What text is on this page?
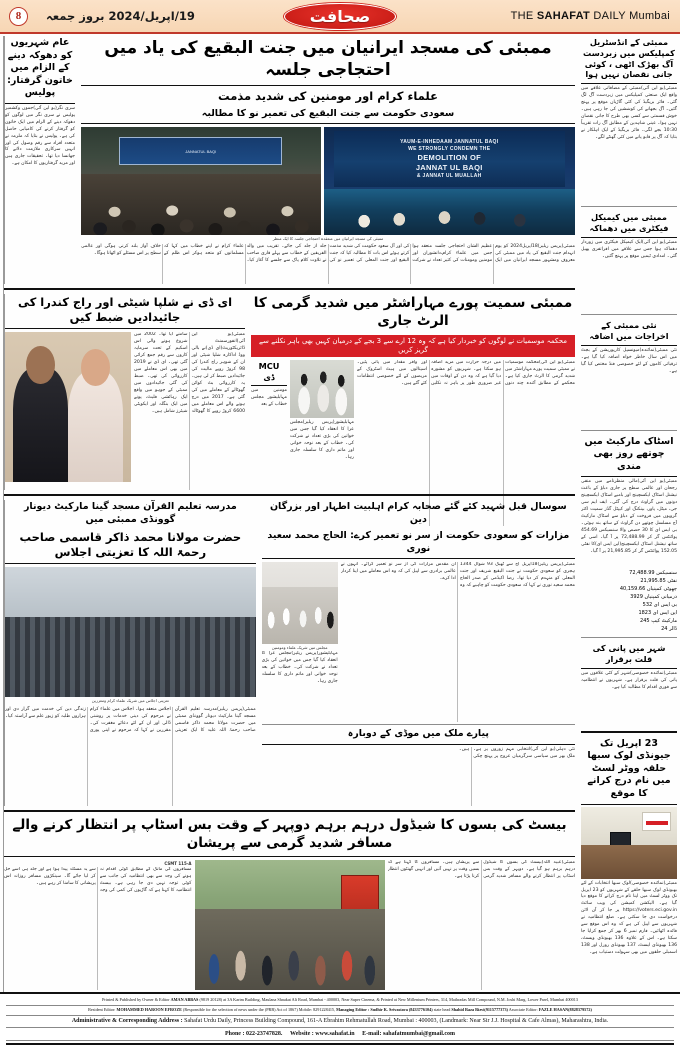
8	19/اپریل/2024 بروز جمعہ	صحافت	THE SAHAFAT DAILY Mumbai
ممبئی کے انڈسٹریل کمپلیکس میں زبردست آگ بھڑک اٹھی ، کوئی جانی نقصان نہیں ہوا
ممبئی(یو این آئی)ممبئی کے مضافاتی علاقے میں واقع ایک صنعتی کمپلیکس میں زبردست آگ لگ گئی۔ فائر بریگیڈ کی کئی گاڑیاں موقع پر پہنچ گئیں۔ آگ بجھانے کی کوششیں کی جا رہی ہیں۔ خوش قسمتی سے کسی بھی طرح کا جانی نقصان نہیں ہوا۔ عینی شاہدین کے مطابق آگ رات تقریباً 10:30 بجے لگی۔ فائر بریگیڈ کے ایک اہلکار نے بتایا کہ آگ پر قابو پانے میں کئی گھنٹے لگے۔
ممبئی میں کیمیکل فیکٹری میں دھماکہ
ممبئی(یو این آئی)ایک کیمیکل فیکٹری میں زوردار دھماکہ ہوا جس سے علاقے میں افراتفری پھیل گئی۔ امدادی ٹیمیں موقع پر پہنچ گئیں۔
نئی ممبئی کے اخراجات میں اضافہ
نئی ممبئی(نمائندہ)میونسپل کارپوریشن کے بجٹ میں اس سال خاطر خواہ اضافہ کیا گیا ہے۔ ترقیاتی کاموں کے لئے خصوصی فنڈ مختص کیا گیا ہے۔
اسٹاک مارکیٹ میں چوتھے روز بھی مندی
ممبئی(یو این آئی)مالی منظرنامے میں منفی رجحان اور عالمی سطح پر جاری دباؤ کے باعث نیشنل اسٹاک ایکسچینج اور بامبے اسٹاک ایکسچینج دونوں میں گراوٹ درج کی گئی۔ ایف ایم سی جی، میٹل، پاور، بینکنگ اور کیپٹل گڈز سمیت اکثر گروپوں میں فروخت کے دباؤ سے اسٹاک مارکیٹ آج مسلسل چوتھے دن گراوٹ کے ساتھ بند ہوئی۔ بی ایس ای کا 30 حصص والا سنسیکس 454.69 پوائنٹس گر کر 72,488.99 پر آ گیا۔ اسی کے ساتھ نیشنل اسٹاک ایکسچینج(این ایس ای)کا نفٹی 152.05 پوائنٹس گر کر 21,995.85 پر آ گیا۔
سنسیکس 72,488.99
نفٹی 21,995.85
چھوٹی کمپنیاں 40,159.66
درمیانی کمپنیاں 3929
بی ایس ای 532
این ایس ای 1823
مارکیٹ کیپ 245
ڈالر 24
شہر میں پانی کی قلت برقرار
ممبئی(نمائندہ خصوصی)شہر کے کئی علاقوں میں پانی کی قلت برقرار ہے۔ شہریوں نے انتظامیہ سے فوری اقدام کا مطالبہ کیا ہے۔
23 اپریل تک جیونڈی لوک سبھا حلقہ ووٹر لسٹ میں نام درج کرانے کا موقع
ممبئی(نمائندہ خصوصی)لوک سبھا انتخابات کے لئے بھیونڈی لوک سبھا حلقے کے شہریوں کو 23 اپریل تک ووٹر لسٹ میں اپنا نام درج کرانے کا موقع دیا گیا ہے۔ الیکشن کمیشن کی ویب سائٹ https://voters.eci.gov.in پر جا کر آن لائن درخواست دی جا سکتی ہے۔ ضلع انتظامیہ نے شہریوں سے اپیل کی ہے کہ وہ اس موقع سے فائدہ اٹھائیں۔ فارم نمبر 6 بھر کر جمع کرایا جا سکتا ہے۔ اس کے علاوہ 136 بھیونڈی ویسٹ، 136 بھیونڈی ایسٹ، 137 بھیونڈی رورل اور 138 اسمبلی حلقوں میں بھی سہولت دستیاب ہے۔
ممبئی کی مسجد ایرانیان میں جنت البقیع کی یاد میں احتجاجی جلسہ
علماء کرام اور مومنین کی شدید مذمت
سعودی حکومت سے جنت البقیع کی تعمیر نو کا مطالبہ
YAUM-E-INHEDAAM JANNATUL BAQI
WE STRONGLY CONDEMN THE
DEMOLITION OF
JANNAT UL BAQI
& JANNAT UL MUALLAH
JANNATUL BAQI
ممبئی کی مسجد ایرانیان میں منعقدہ احتجاجی جلسہ کا ایک منظر
ممبئی(پریس ریلیز)18اپریل2024 کو یوم انہدام جنت البقیع کی یاد میں ممبئی کی معروف ومشہور مسجد ایرانیان میں ایک عظیم الشان احتجاجی جلسہ منعقد ہوا جس میں علماء کرام،دانشوران اور مومنین ومومنات کی کثیر تعداد نے شرکت کی اور آل سعود حکومت کی شدید مذمت کرتے ہوئے اس بات کا مطالبہ کیا کہ جنت البقیع اور جنت المعلی کی تعمیر نو کی جلد از جلد کی جائے۔ تقریب میں والد الفریقین کے خطاب سے پہلے قاری صاحب نے تلاوت کلام پاک سے جلسے کا آغاز کیا۔ علماء کرام نے اپنے خطاب میں کہا کہ مسلمانوں کو متحد ہوکر اس ظلم کے خلاف آواز بلند کرنی ہوگی اور عالمی سطح پر اس مسئلے کو اٹھانا ہوگا۔
عام شہریوں کو دھوکہ دینے کے الزام میں خاتون گرفتار: پولیس
سری نگر(یو این آئی)جموں وکشمیر پولیس نے سری نگر میں لوگوں کو دھوکہ دینے کے الزام میں ایک خاتون کو گرفتار کرنے کی کامیابی حاصل کی ہے۔ پولیس نے بتایا کہ ملزمہ نے متعدد افراد سے رقم وصول کی اور انہیں سرکاری ملازمت دلانے کا جھانسا دیا تھا۔ تحقیقات جاری ہیں اور مزید گرفتاریوں کا امکان ہے۔
ممبئی سمیت پورے مہاراشٹر میں شدید گرمی کا الرٹ جاری
محکمہ موسمیات نے لوگوں کو خبردار کیا ہے کہ وہ 12 ارے سے 3 بجے کے درمیان کہیں بھی باہر نکلنے سے گریز کریں
ممبئی(یو این آئی)محکمہ موسمیات نے ممبئی سمیت پورے مہاراشٹر میں شدید گرمی کا الرٹ جاری کیا ہے۔ محکمے کے مطابق آئندہ چند دنوں میں درجہ حرارت میں مزید اضافہ ہو سکتا ہے۔ شہریوں کو مشورہ دیا گیا ہے کہ وہ دن کے اوقات میں غیر ضروری طور پر باہر نہ نکلیں اور وافر مقدار میں پانی پئیں۔ اسپتالوں میں ہیٹ اسٹروک کے مریضوں کے لئے خصوصی انتظامات کئے گئے ہیں۔
مہابلیشور(پریس ریلیز)مجلس عزا کا انعقاد کیا گیا جس میں خواتین کی بڑی تعداد نے شرکت کی۔ خطاب کے بعد نوحہ خوانی اور ماتم داری کا سلسلہ جاری رہا۔
MCU ڈی
مومنین میں مہابلیشور مجلس خطاب کے بعد
ای ڈی نے شلپا شیٹی اور راج کندرا کی جائیدادیں ضبط کیں
ممبئی(یو این آئی)انفورسمنٹ ڈائریکٹوریٹ(ای ڈی)نے بالی ووڈ اداکارہ شلپا شیٹی اور ان کے شوہر راج کندرا کی 98 کروڑ روپے مالیت کی جائیدادیں ضبط کر لی ہیں۔ یہ کارروائی بٹ کوائن گھوٹالے کے معاملے میں کی گئی ہے۔ 2017 میں درج ہونے والے اس معاملے میں 6600 کروڑ روپے کا گھوٹالہ سامنے آیا تھا۔ 2002 میں شروع ہونے والی اس اسکیم کے تحت سرمایہ کاروں سے رقم جمع کرائی گئی تھی۔ ای ڈی نے 2019 میں بھی اس معاملے میں کارروائی کی تھی۔ ضبط کی گئی جائیدادوں میں ممبئی کے جوہو میں واقع ایک رہائشی فلیٹ، پونے میں ایک بنگلہ اور ایکویٹی شیئرز شامل ہیں۔
سوسال قبل شہید کئے گئے صحابہ کرام اہلبیت اطہار اور بزرگان دین
مزارات کو سعودی حکومت از سر نو تعمیر کرے: الحاج محمد سعید نوری
ممبئی(پریس ریلیز)18اپریل آج سے ٹھیک 93 شوال 1344 ہجری کو سعودی حکومت نے جنت البقیع شریف اور جنت المعلی کو منہدم کر دیا تھا۔ رضا اکیڈمی کے صدر الحاج محمد سعید نوری نے کہا کہ سعودی حکومت کو چاہیے کہ وہ ان مقدس مزارات کی از سر نو تعمیر کرائے۔ انہوں نے عالمی برادری سے اپیل کی کہ وہ اس معاملے میں اپنا کردار ادا کرے۔
مجلس میں شریک علماء ومومنین
مہابلیشور(پریس ریلیز)مجلس عزا کا انعقاد کیا گیا جس میں خواتین کی بڑی تعداد نے شرکت کی۔ خطاب کے بعد نوحہ خوانی اور ماتم داری کا سلسلہ جاری رہا۔
پیارے ملک میں موڈی کے دوبارہ
نئی دہلی(یو این آئی)انتخابی مہم زوروں پر ہے۔ ملک بھر میں سیاسی سرگرمیاں عروج پر پہنچ چکی ہیں۔
مدرسہ تعلیم القرآن مسجد گینا مارکیٹ دیونار گوونڈی ممبئی میں
حضرت مولانا محمد ذاکر قاسمی صاحب رحمۃ اللہ کا تعزیتی اجلاس
تعزیتی اجلاس میں شریک علماء کرام ومعززین
ممبئی(پریس ریلیز)مدرسہ تعلیم القرآن مسجد گینا مارکیٹ دیونار گوونڈی ممبئی میں حضرت مولانا محمد ذاکر قاسمی صاحب رحمۃ اللہ علیہ کا ایک تعزیتی اجلاس منعقد ہوا۔ اجلاس میں علماء کرام نے مرحوم کی دینی خدمات پر روشنی ڈالی اور ان کے لئے دعائے مغفرت کی۔ مقررین نے کہا کہ مرحوم نے اپنی پوری زندگی دین کی خدمت میں گزار دی اور ہزاروں طلبہ کو زیور علم سے آراستہ کیا۔
بیسٹ کی بسوں کا شیڈول درہم برہم دوپہر کے وقت بس اسٹاپ پر انتظار کرنے والے مسافر شدید گرمی سے پریشان
ممبئی(عبید اللہ)بیسٹ کی بسوں کا شیڈول درہم برہم ہو گیا ہے۔ دوپہر کے وقت بس اسٹاپ پر انتظار کرنے والے مسافر شدید گرمی سے پریشان ہیں۔ مسافروں کا کہنا ہے کہ بسیں وقت پر نہیں آتیں اور انہیں گھنٹوں انتظار کرنا پڑتا ہے۔
CSMT 115-A
مسافروں کی مانگ کے مطابق کوئی اقدام نہ ہونے کی وجہ سے بھی انتظامیہ کی جانب سے کوئی توجہ نہیں دی جا رہی ہے۔ بیسٹ انتظامیہ کا کہنا ہے کہ گاڑیوں کی کمی کی وجہ سے یہ مسئلہ پیدا ہوا ہے اور جلد ہی اسے حل کر لیا جائے گا۔ سینکڑوں مسافر روزانہ اس پریشانی کا سامنا کر رہے ہیں۔
Printed & Published by Owner & Editor AMAN ABBAS (9819 20128) at 3A Karim Building, Maulana Shaukat Ali Road, Mumbai - 400003, Near Super Cinema, & Printed at New Millenium Printers, 314, Mathradas Mill Compound, N.M. Joshi Marg, Lower Parel, Mumbai 400013
Resident Editor: MOHAMMED HAROON EFROZE (Responsible for the selection of news under the (PRB) Act of 1867) Mobile: 8291228415, Managing Editor : Sudhir K. Srivastava (8433776104) state head Shahid Raza Rizvi(9115777373) Associate Editor: FAZLE HASAN(8828379572)
Administrative & Corresponding Address : Sahafat Urdu Daily, Princess Building Compound, 161-A Ebrahim Rehmatullah Road, Mumbai : 400003, (Landmark: Near Sir J.J. Hospital & Cafe Almas), Maharashtra, India.
Phone : 022-23747828. Website : www.sahafat.in E-mail: sahafatmumbai@gmail.com
